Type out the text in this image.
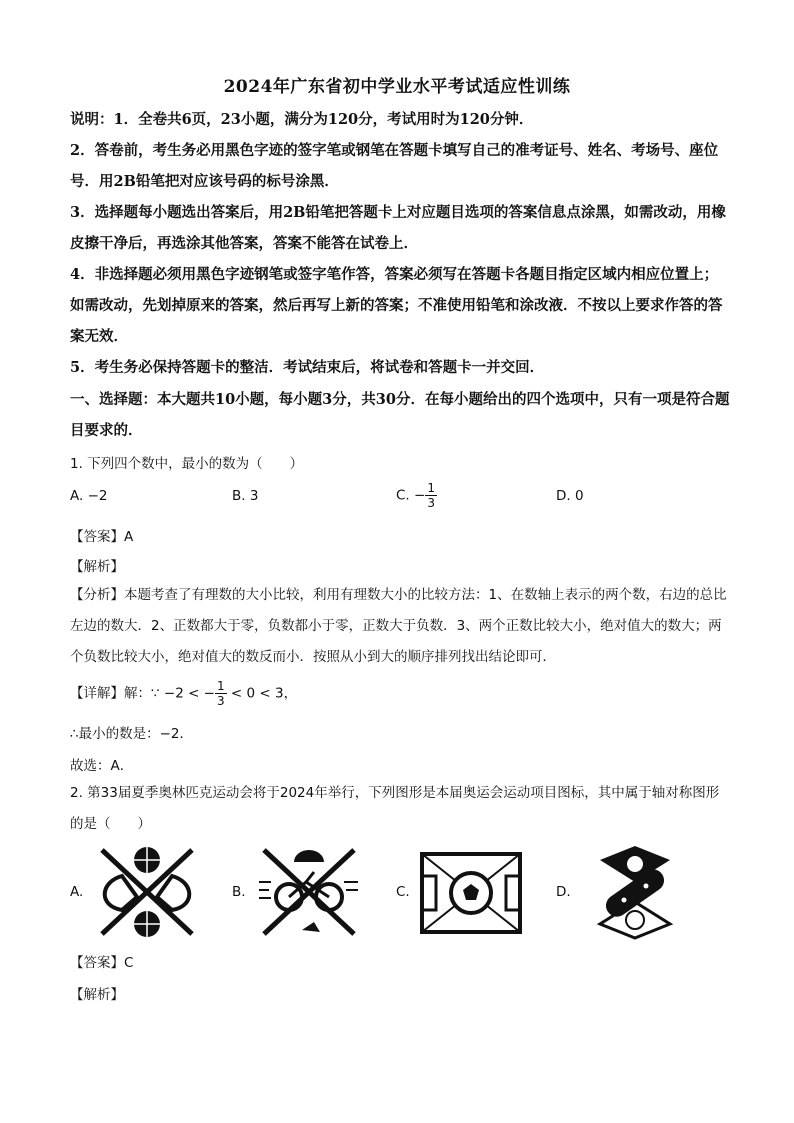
2024年广东省初中学业水平考试适应性训练
说明：1．全卷共6页，23小题，满分为120分，考试用时为120分钟．
2．答卷前，考生务必用黑色字迹的签字笔或钢笔在答题卡填写自己的准考证号、姓名、考场号、座位号．用2B铅笔把对应该号码的标号涂黑．
3．选择题每小题选出答案后，用2B铅笔把答题卡上对应题目选项的答案信息点涂黑，如需改动，用橡皮擦干净后，再选涂其他答案，答案不能答在试卷上．
4．非选择题必须用黑色字迹钢笔或签字笔作答，答案必须写在答题卡各题目指定区域内相应位置上；如需改动，先划掉原来的答案，然后再写上新的答案；不准使用铅笔和涂改液．不按以上要求作答的答案无效．
5．考生务必保持答题卡的整洁．考试结束后，将试卷和答题卡一并交回．
一、选择题：本大题共10小题，每小题3分，共30分．在每小题给出的四个选项中，只有一项是符合题目要求的．
1. 下列四个数中，最小的数为（　　）
A. −2	B. 3	C. − $\frac{1}{3}$	D. 0
【答案】A
【解析】
【分析】本题考查了有理数的大小比较，利用有理数大小的比较方法：1、在数轴上表示的两个数，右边的总比左边的数大．2、正数都大于零，负数都小于零，正数大于负数．3、两个正数比较大小，绝对值大的数大；两个负数比较大小，绝对值大的数反而小．按照从小到大的顺序排列找出结论即可．
【详解】解：∵ −2 < − $\frac{1}{3} < 0 < 3$，
∴最小的数是：−2．
故选：A．
2. 第33届夏季奥林匹克运动会将于2024年举行，下列图形是本届奥运会运动项目图标，其中属于轴对称图形的是（　　）
A.	B.	C.	D.
【答案】C
【解析】
